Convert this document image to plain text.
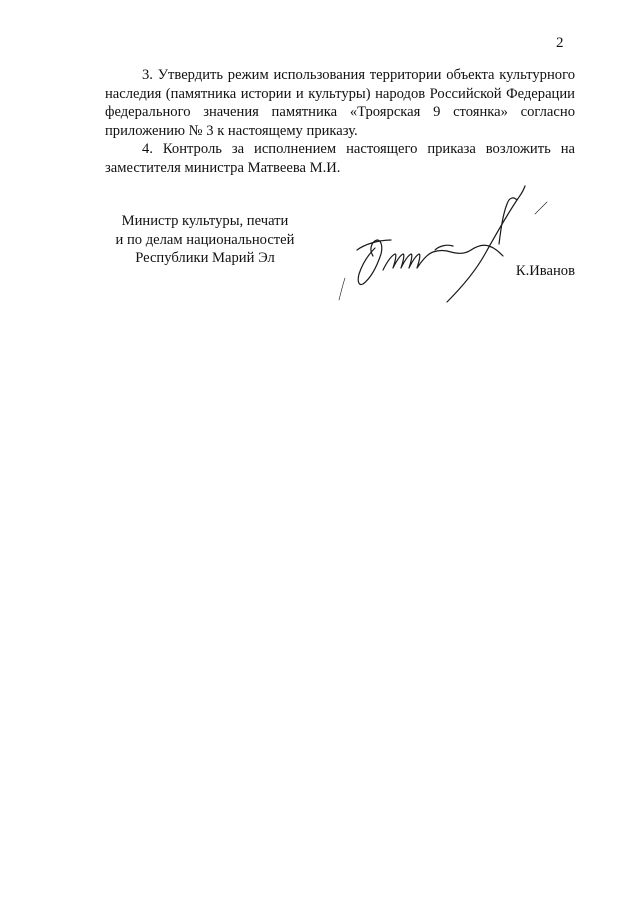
2

3. Утвердить режим использования территории объекта культурного наследия (памятника истории и культуры) народов Российской Федерации федерального значения памятника «Троярская 9 стоянка» согласно приложению № 3 к настоящему приказу.

4. Контроль за исполнением настоящего приказа возложить на заместителя министра Матвеева М.И.

Министр культуры, печати
и по делам национальностей
Республики Марий Эл
К.Иванов
